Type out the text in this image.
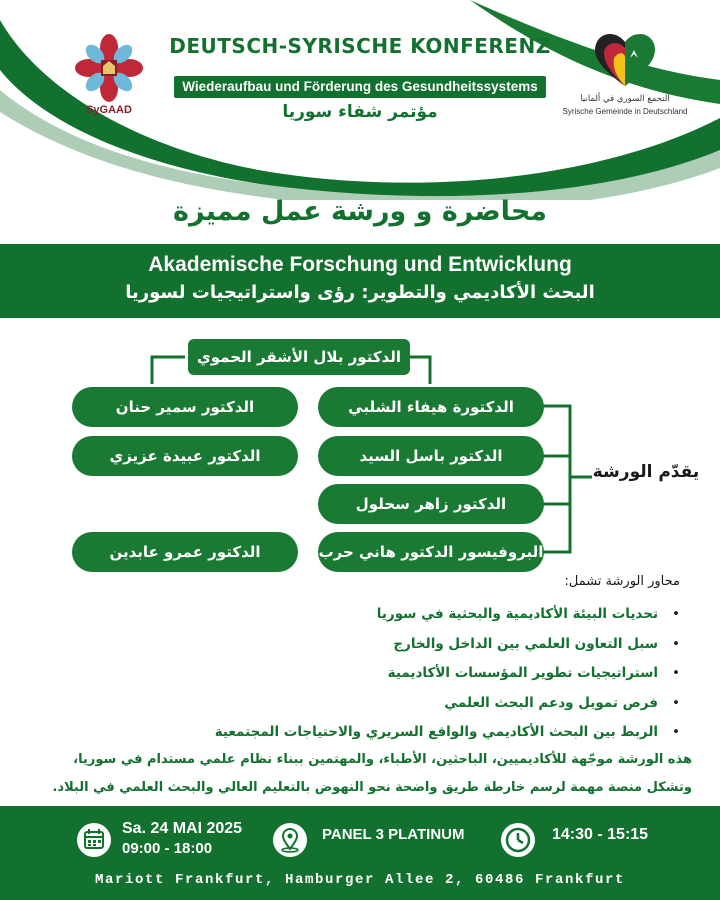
SyGAAD
DEUTSCH-SYRISCHE KONFERENZ
Wiederaufbau und Förderung des Gesundheitssystems
مؤتمر شفاء سوريا
التجمع السوري في ألمانيا
Syrische Gemeinde in Deutschland
محاضرة و ورشة عمل مميزة
Akademische Forschung und Entwicklung
البحث الأكاديمي والتطوير: رؤى واستراتيجيات لسوريا
الدكتور بلال الأشقر الحموي
الدكتورة هيفاء الشلبي
الدكتور باسل السيد
الدكتور زاهر سحلول
البروفيسور الدكتور هاني حرب
الدكتور سمير حنان
الدكتور عبيدة عزيزي
الدكتور عمرو عابدين
يقدّم الورشة
محاور الورشة تشمل:
• تحديات البيئة الأكاديمية والبحثية في سوريا
• سبل التعاون العلمي بين الداخل والخارج
• استراتيجيات تطوير المؤسسات الأكاديمية
• فرص تمويل ودعم البحث العلمي
• الربط بين البحث الأكاديمي والواقع السريري والاحتياجات المجتمعية
هذه الورشة موجّهة للأكاديميين، الباحثين، الأطباء، والمهتمين ببناء نظام علمي مستدام في سوريا،
وتشكل منصة مهمة لرسم خارطة طريق واضحة نحو النهوض بالتعليم العالي والبحث العلمي في البلاد.
Sa. 24 MAI 2025
09:00 - 18:00
PANEL 3 PLATINUM	14:30 - 15:15
Mariott Frankfurt, Hamburger Allee 2, 60486 Frankfurt
